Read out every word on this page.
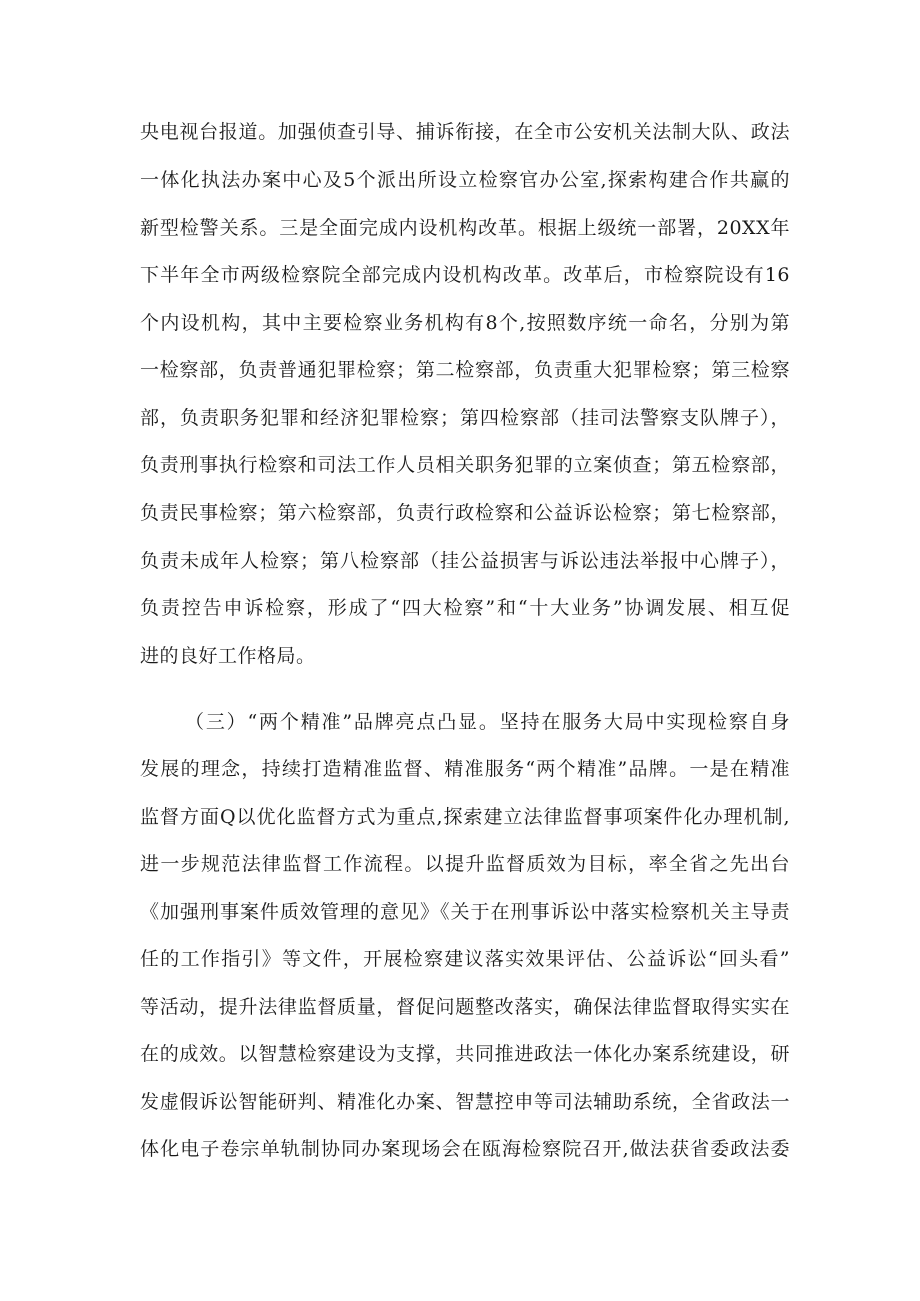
央电视台报道。加强侦查引导、捕诉衔接，在全市公安机关法制大队、政法
一体化执法办案中心及5个派出所设立检察官办公室,探索构建合作共赢的
新型检警关系。三是全面完成内设机构改革。根据上级统一部署，20XX年
下半年全市两级检察院全部完成内设机构改革。改革后，市检察院设有16
个内设机构，其中主要检察业务机构有8个,按照数序统一命名，分别为第
一检察部，负责普通犯罪检察；第二检察部，负责重大犯罪检察；第三检察
部，负责职务犯罪和经济犯罪检察；第四检察部（挂司法警察支队牌子），
负责刑事执行检察和司法工作人员相关职务犯罪的立案侦查；第五检察部，
负责民事检察；第六检察部，负责行政检察和公益诉讼检察；第七检察部，
负责未成年人检察；第八检察部（挂公益损害与诉讼违法举报中心牌子），
负责控告申诉检察，形成了“四大检察”和“十大业务”协调发展、相互促
进的良好工作格局。
（三）“两个精准”品牌亮点凸显。坚持在服务大局中实现检察自身
发展的理念，持续打造精准监督、精准服务“两个精准”品牌。一是在精准
监督方面Q以优化监督方式为重点,探索建立法律监督事项案件化办理机制,
进一步规范法律监督工作流程。以提升监督质效为目标，率全省之先出台
《加强刑事案件质效管理的意见》《关于在刑事诉讼中落实检察机关主导责
任的工作指引》等文件，开展检察建议落实效果评估、公益诉讼“回头看”
等活动，提升法律监督质量，督促问题整改落实，确保法律监督取得实实在
在的成效。以智慧检察建设为支撑，共同推进政法一体化办案系统建设，研
发虚假诉讼智能研判、精准化办案、智慧控申等司法辅助系统，全省政法一
体化电子卷宗单轨制协同办案现场会在瓯海检察院召开,做法获省委政法委
